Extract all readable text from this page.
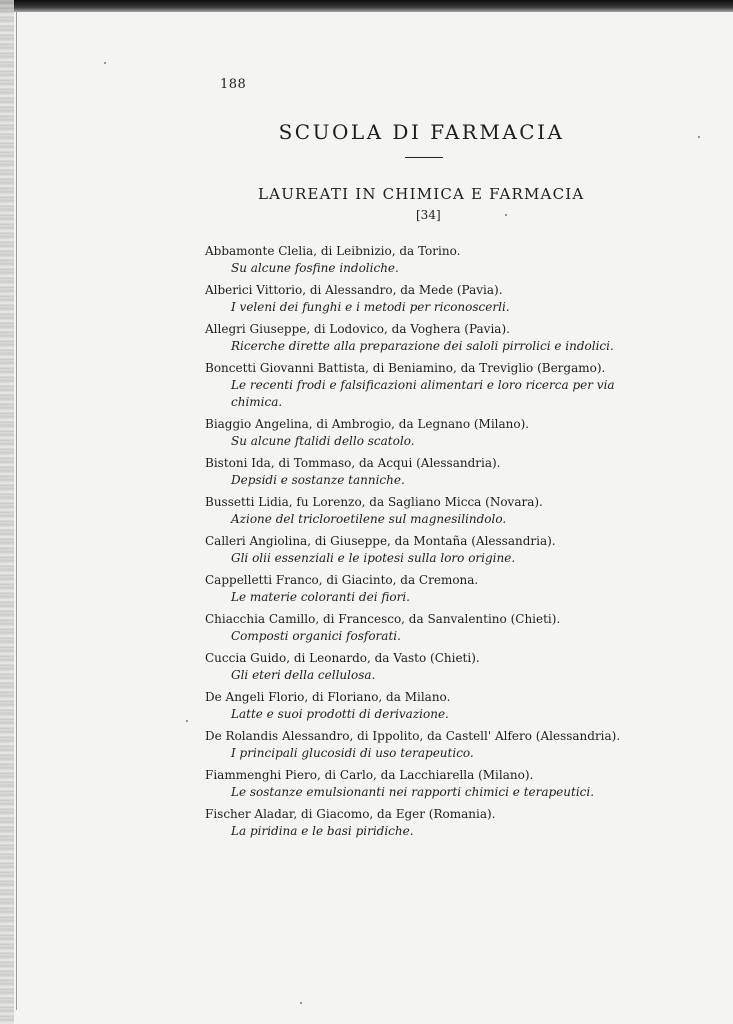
188
SCUOLA DI FARMACIA
LAUREATI IN CHIMICA E FARMACIA
[34]
Abbamonte Clelia, di Leibnizio, da Torino.
Su alcune fosfine indoliche.
Alberici Vittorio, di Alessandro, da Mede (Pavia).
I veleni dei funghi e i metodi per riconoscerli.
Allegri Giuseppe, di Lodovico, da Voghera (Pavia).
Ricerche dirette alla preparazione dei saloli pirrolici e indolici.
Boncetti Giovanni Battista, di Beniamino, da Treviglio (Bergamo).
Le recenti frodi e falsificazioni alimentari e loro ricerca per via chimica.
Biaggio Angelina, di Ambrogio, da Legnano (Milano).
Su alcune ftalidi dello scatolo.
Bistoni Ida, di Tommaso, da Acqui (Alessandria).
Depsidi e sostanze tanniche.
Bussetti Lidia, fu Lorenzo, da Sagliano Micca (Novara).
Azione del tricloroetilene sul magnesilindolo.
Calleri Angiolina, di Giuseppe, da Montaña (Alessandria).
Gli olii essenziali e le ipotesi sulla loro origine.
Cappelletti Franco, di Giacinto, da Cremona.
Le materie coloranti dei fiori.
Chiacchia Camillo, di Francesco, da Sanvalentino (Chieti).
Composti organici fosforati.
Cuccia Guido, di Leonardo, da Vasto (Chieti).
Gli eteri della cellulosa.
De Angeli Florio, di Floriano, da Milano.
Latte e suoi prodotti di derivazione.
De Rolandis Alessandro, di Ippolito, da Castell' Alfero (Alessandria).
I principali glucosidi di uso terapeutico.
Fiammenghi Piero, di Carlo, da Lacchiarella (Milano).
Le sostanze emulsionanti nei rapporti chimici e terapeutici.
Fischer Aladar, di Giacomo, da Eger (Romania).
La piridina e le basi piridiche.
